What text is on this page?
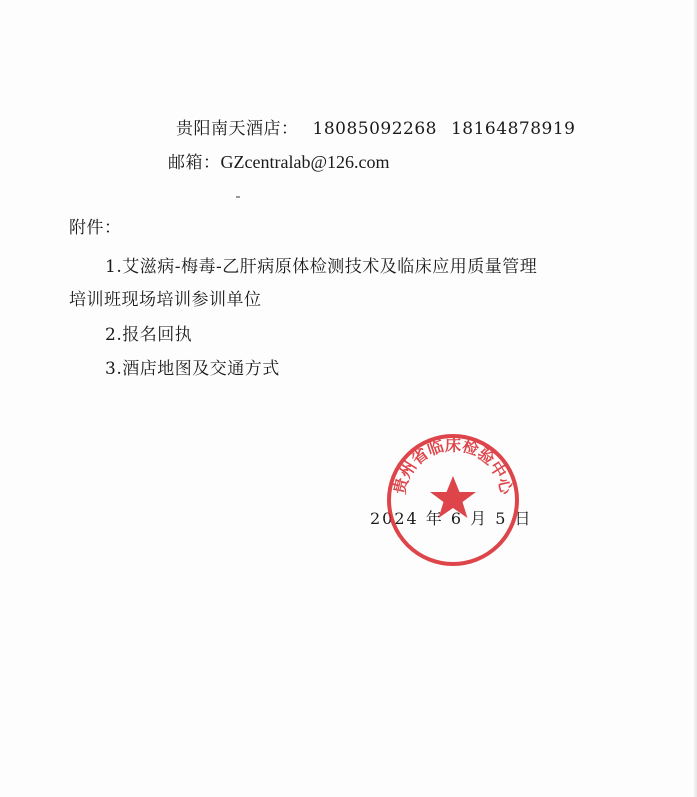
贵阳南天酒店： 18085092268 18164878919
邮箱：GZcentralab@126.com
附件：
1.艾滋病-梅毒-乙肝病原体检测技术及临床应用质量管理
培训班现场培训参训单位
2.报名回执
3.酒店地图及交通方式
2024 年 6 月 5 日
贵州省临床检验中心
